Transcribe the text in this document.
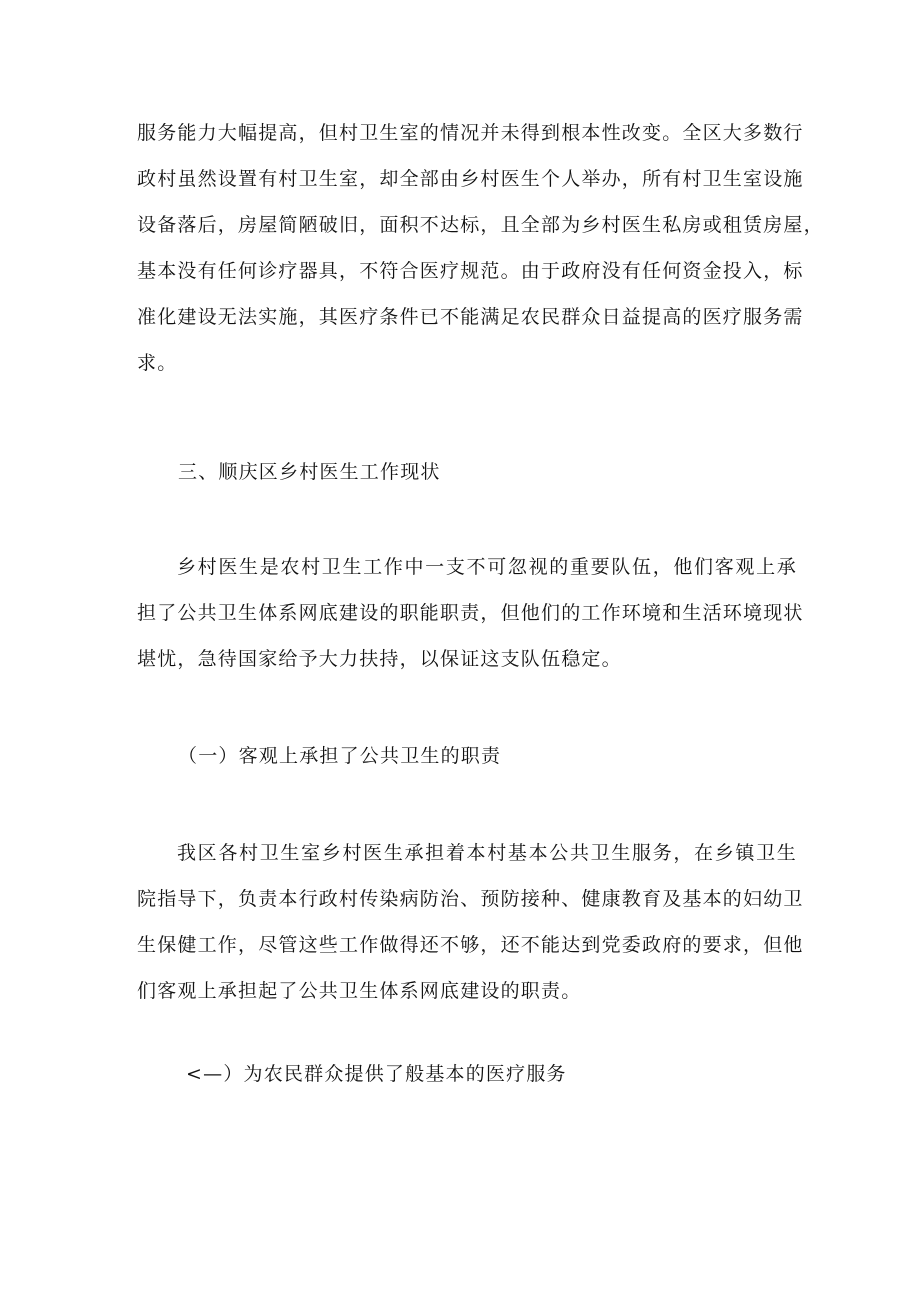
服务能力大幅提高，但村卫生室的情况并未得到根本性改变。全区大多数行
政村虽然设置有村卫生室，却全部由乡村医生个人举办，所有村卫生室设施
设备落后，房屋简陋破旧，面积不达标，且全部为乡村医生私房或租赁房屋，
基本没有任何诊疗器具，不符合医疗规范。由于政府没有任何资金投入，标
准化建设无法实施，其医疗条件已不能满足农民群众日益提高的医疗服务需
求。
三、顺庆区乡村医生工作现状
乡村医生是农村卫生工作中一支不可忽视的重要队伍，他们客观上承
担了公共卫生体系网底建设的职能职责，但他们的工作环境和生活环境现状
堪忧，急待国家给予大力扶持，以保证这支队伍稳定。
（一）客观上承担了公共卫生的职责
我区各村卫生室乡村医生承担着本村基本公共卫生服务，在乡镇卫生
院指导下，负责本行政村传染病防治、预防接种、健康教育及基本的妇幼卫
生保健工作，尽管这些工作做得还不够，还不能达到党委政府的要求，但他
们客观上承担起了公共卫生体系网底建设的职责。
<—）为农民群众提供了般基本的医疗服务
